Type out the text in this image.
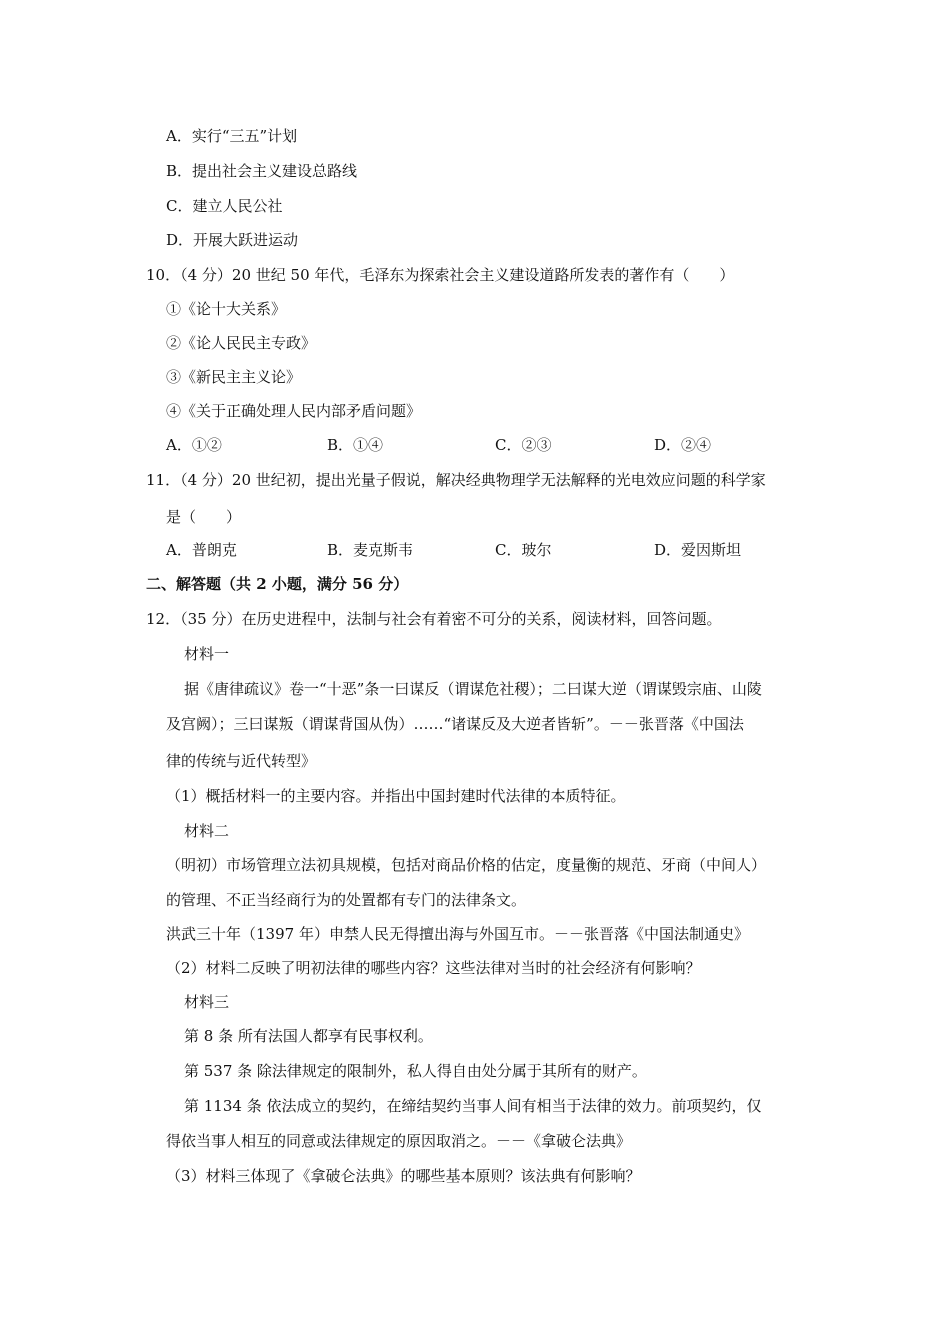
A．实行“三五”计划
B．提出社会主义建设总路线
C．建立人民公社
D．开展大跃进运动
10．（4 分）20 世纪 50 年代，毛泽东为探索社会主义建设道路所发表的著作有（　　）
①《论十大关系》
②《论人民民主专政》
③《新民主主义论》
④《关于正确处理人民内部矛盾问题》
A．①②	B．①④	C．②③	D．②④
11．（4 分）20 世纪初，提出光量子假说，解决经典物理学无法解释的光电效应问题的科学家
是（　　）
A．普朗克	B．麦克斯韦	C．玻尔	D．爱因斯坦
二、解答题（共 2 小题，满分 56 分）
12．（35 分）在历史进程中，法制与社会有着密不可分的关系，阅读材料，回答问题。
材料一
据《唐律疏议》卷一“十恶”条一曰谋反（谓谋危社稷）；二曰谋大逆（谓谋毁宗庙、山陵
及宫阙）；三曰谋叛（谓谋背国从伪）……“诸谋反及大逆者皆斩”。－－张晋落《中国法
律的传统与近代转型》
（1）概括材料一的主要内容。并指出中国封建时代法律的本质特征。
材料二
（明初）市场管理立法初具规模，包括对商品价格的估定，度量衡的规范、牙商（中间人）
的管理、不正当经商行为的处置都有专门的法律条文。
洪武三十年（1397 年）申禁人民无得擅出海与外国互市。－－张晋落《中国法制通史》
（2）材料二反映了明初法律的哪些内容？这些法律对当时的社会经济有何影响？
材料三
第 8 条 所有法国人都享有民事权利。
第 537 条 除法律规定的限制外，私人得自由处分属于其所有的财产。
第 1134 条 依法成立的契约，在缔结契约当事人间有相当于法律的效力。前项契约，仅
得依当事人相互的同意或法律规定的原因取消之。－－《拿破仑法典》
（3）材料三体现了《拿破仑法典》的哪些基本原则？该法典有何影响？
